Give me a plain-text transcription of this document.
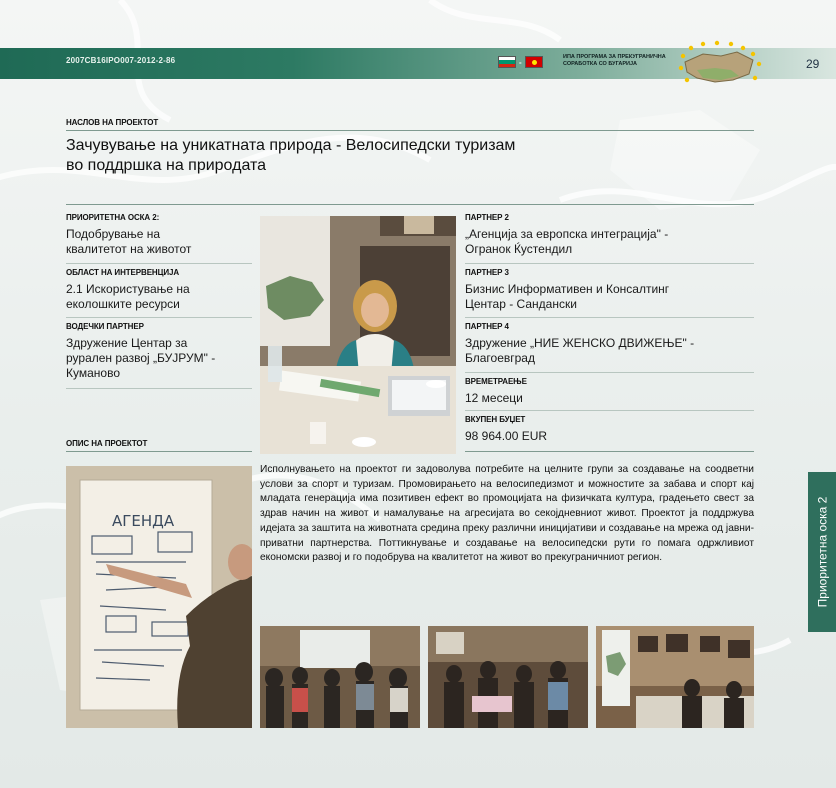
2007CB16IPO007-2012-2-86	-
ИПА ПРОГРАМА ЗА ПРЕКУГРАНИЧНА
СОРАБОТКА СО БУГАРИЈА	29
НАСЛОВ НА ПРОЕКТОТ
Зачувување на уникатната природа - Велосипедски туризам
во поддршка на природата
ПРИОРИТЕТНА ОСКА 2:
Подобрување на
квалитетот на животот
ОБЛАСТ НА ИНТЕРВЕНЦИЈА
2.1 Искористување на
еколошките ресурси
ВОДЕЧКИ ПАРТНЕР
Здружение Центар за
рурален развој „БУЈРУМ" -
Куманово
ОПИС НА ПРОЕКТОТ
ПАРТНЕР 2
„Агенција за европска интеграција" -
Огранок Ќустендил
ПАРТНЕР 3
Бизнис Информативен и Консалтинг
Центар - Сандански
ПАРТНЕР 4
Здружение „НИЕ ЖЕНСКО ДВИЖЕЊЕ" -
Благоевград
ВРЕМЕТРАЕЊЕ
12 месеци
ВКУПЕН БУЏЕТ
98 964.00 EUR
АГЕНДА
Исполнувањето на проектот ги задоволува потребите на целните групи за создавање на соодветни услови за спорт и туризам. Промовирањето на велосипедизмот и можностите за забава и спорт кај младата генерација има позитивен ефект во промоцијата на физичката култура, градењето свест за здрав начин на живот и намалување на агресијата во секојдневниот живот. Проектот ја поддржува идејата за заштита на животната средина преку различни иницијативи и создавање на мрежа од јавни-приватни партнерства. Поттикнување и создавање на велосипедски рути го помага одржливиот економски развој и го подобрува на квалитетот на живот во прекуграничниот регион.	Приоритетна оска 2
